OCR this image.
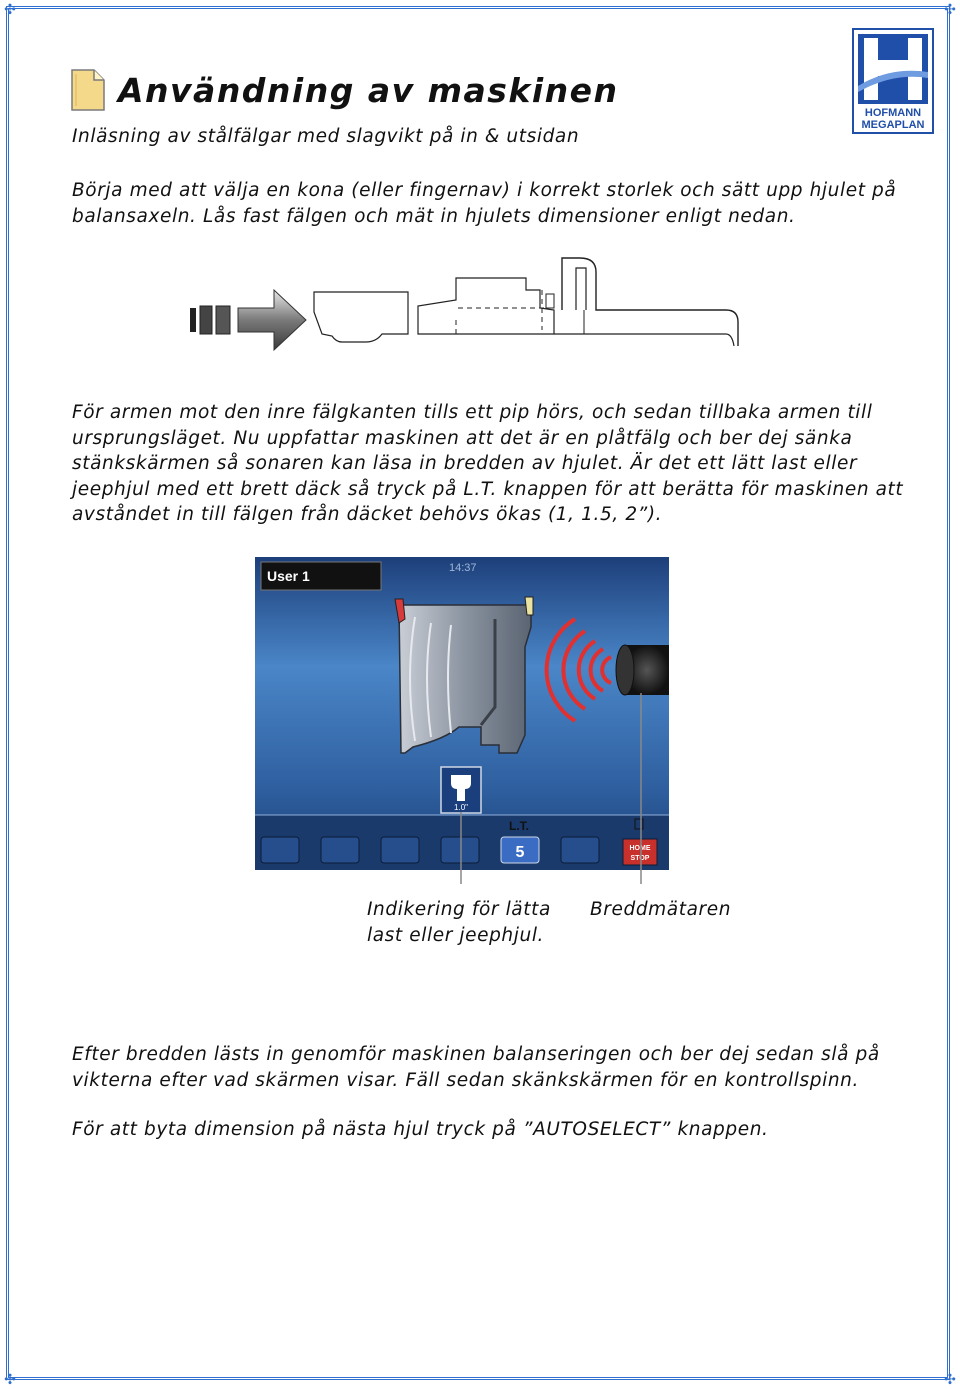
✣	✣
✣	✣
Användning av maskinen
Inläsning av stålfälgar med slagvikt på in & utsidan
HOFMANN
MEGAPLAN
Börja med att välja en kona (eller fingernav) i korrekt storlek och sätt upp hjulet på balansaxeln. Lås fast fälgen och mät in hjulets dimensioner enligt nedan.
För armen mot den inre fälgkanten tills ett pip hörs, och sedan tillbaka armen till ursprungsläget. Nu uppfattar maskinen att det är en plåtfälg och ber dej sänka stänkskärmen så sonaren kan läsa in bredden av hjulet. Är det ett lätt last eller jeephjul med ett brett däck så tryck på L.T. knappen för att berätta för maskinen att avståndet in till fälgen från däcket behövs ökas (1, 1.5, 2”).
User 1	14:37
1.0"
L.T.
5	HOME
STOP
Indikering för lätta last eller jeephjul.
Breddmätaren
Efter bredden lästs in genomför maskinen balanseringen och ber dej sedan slå på vikterna efter vad skärmen visar. Fäll sedan skänkskärmen för en kontrollspinn.
För att byta dimension på nästa hjul tryck på ”AUTOSELECT” knappen.
